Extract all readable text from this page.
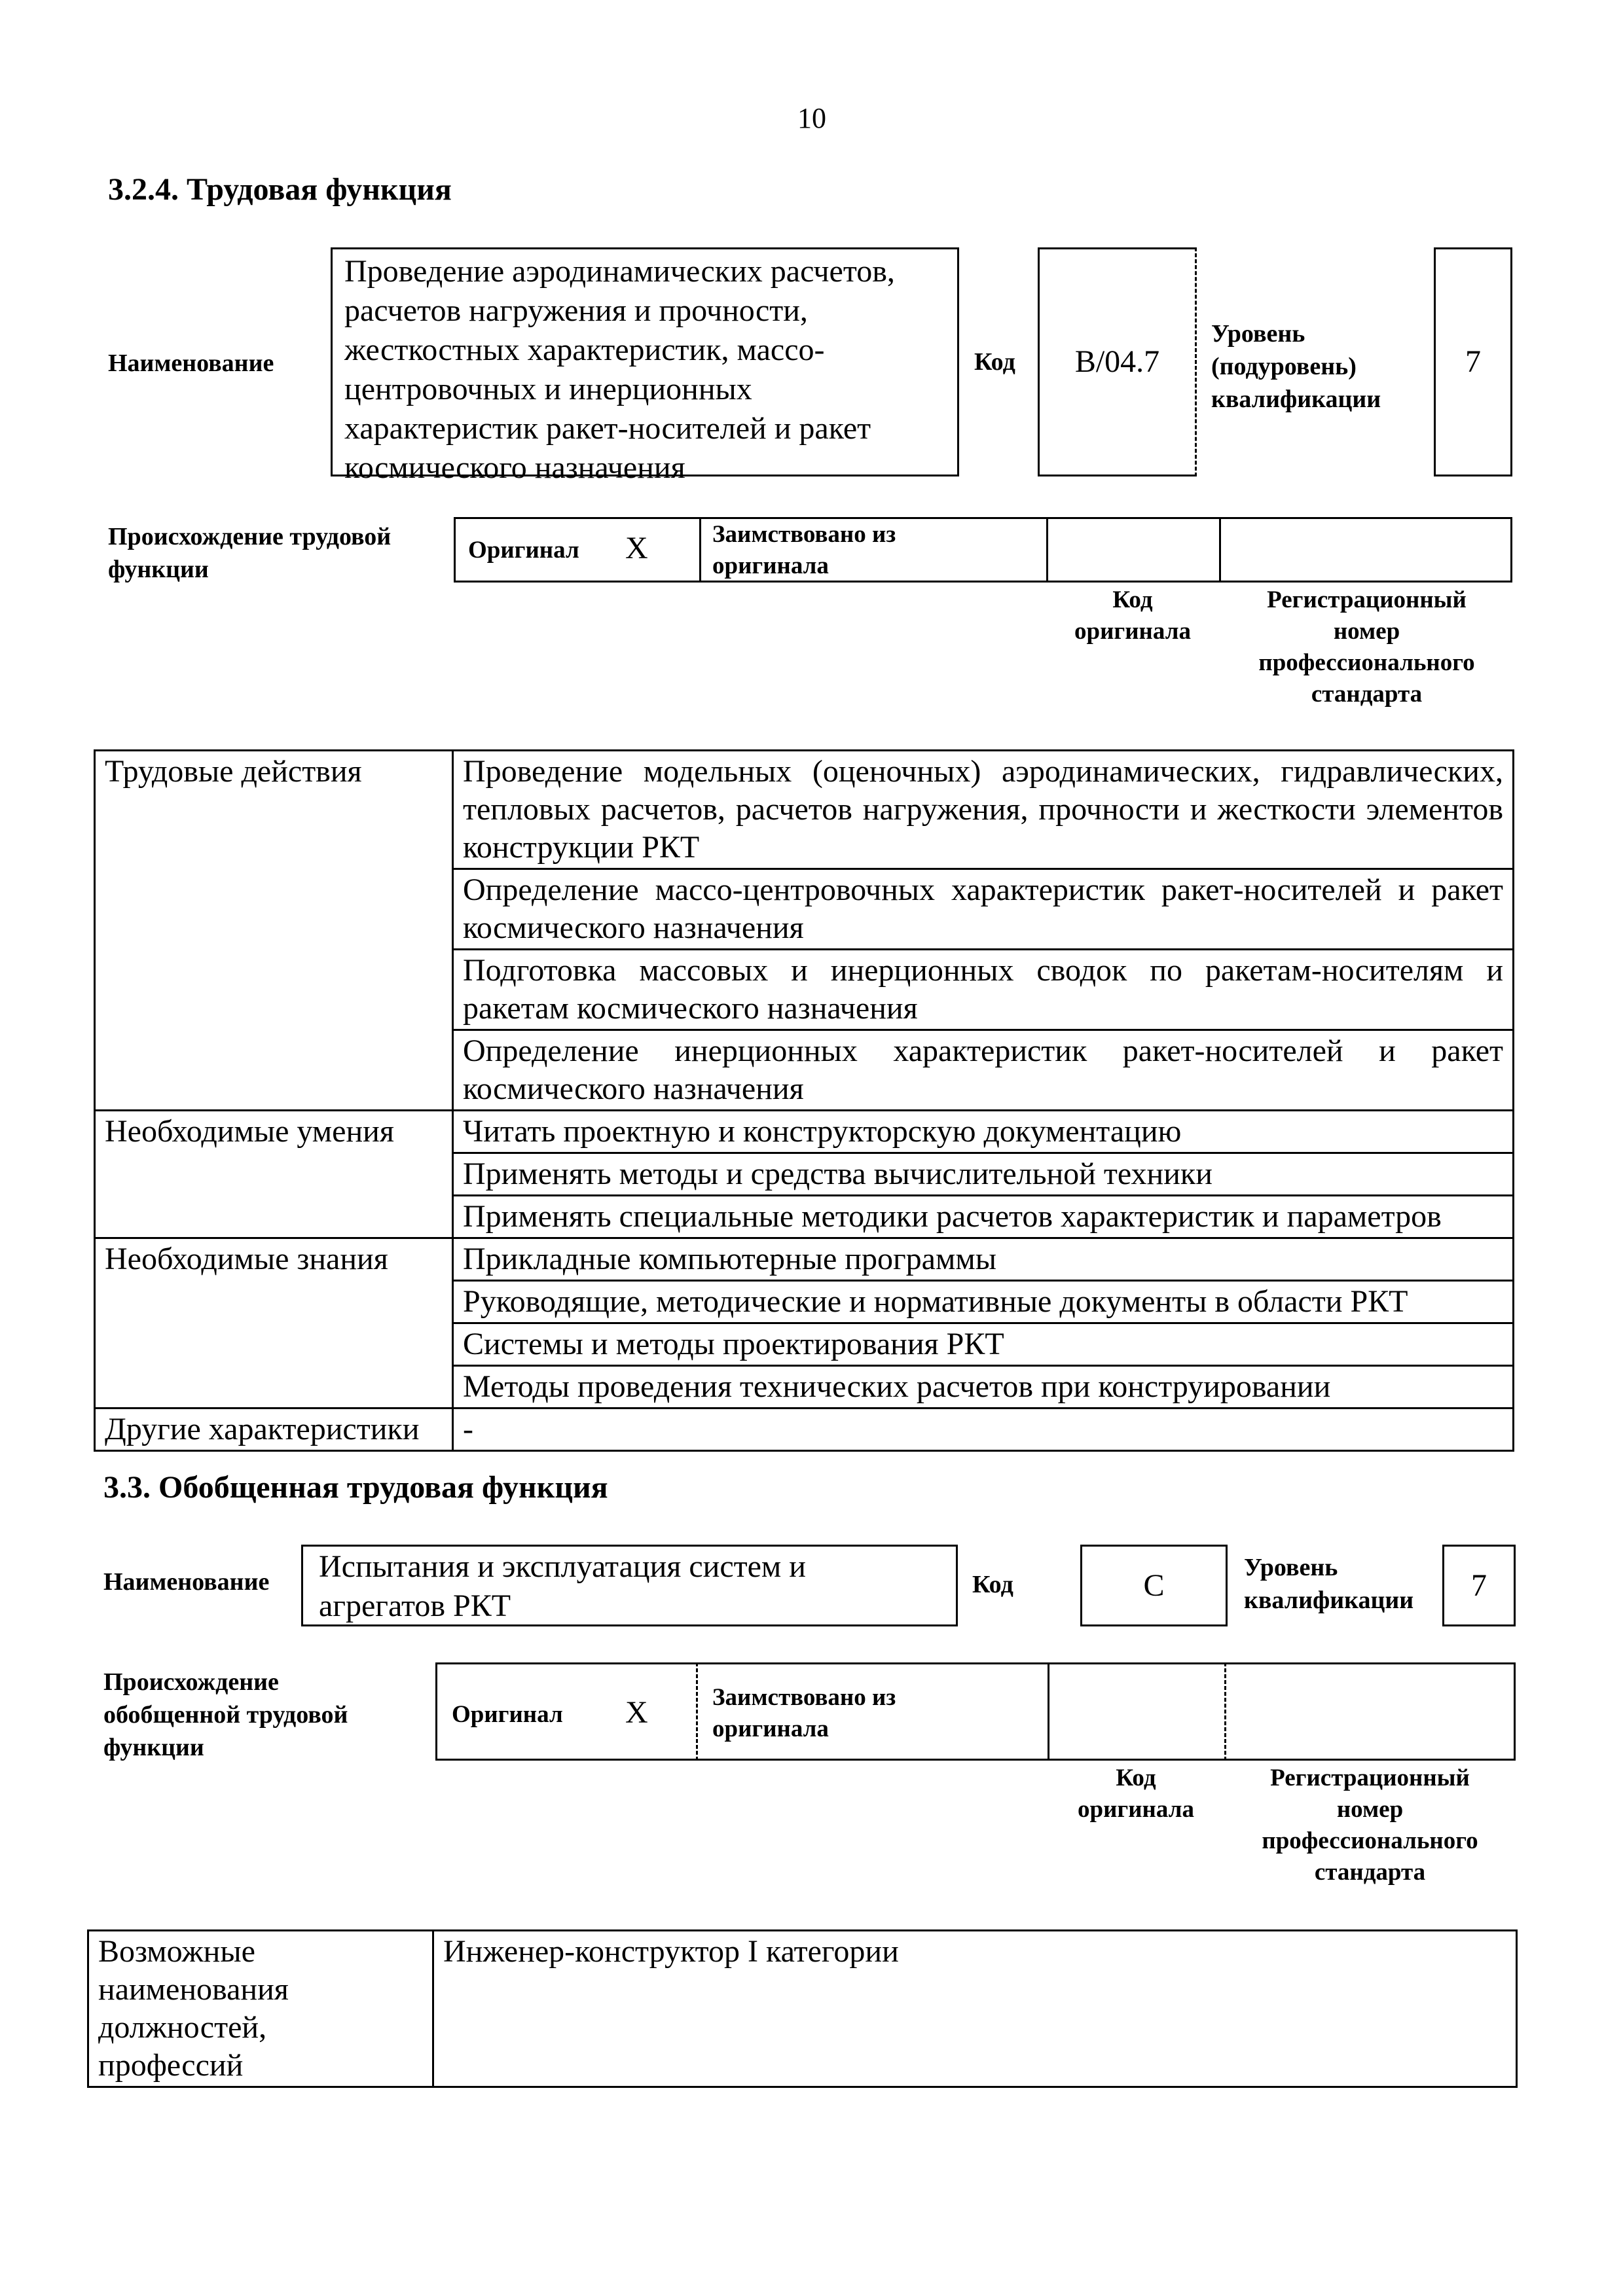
10
3.2.4. Трудовая функция
Наименование
Проведение аэродинамических расчетов,
расчетов нагружения и прочности,
жесткостных характеристик, массо-
центровочных и инерционных
характеристик ракет-носителей и ракет
космического назначения
Код B/04.7
Уровень
(подуровень)
квалификации
7
Происхождение трудовой
функции
Оригинал X	Заимствовано из
оригинала
Код
оригинала
Регистрационный
номер
профессионального
стандарта
Трудовые действия	Проведение модельных (оценочных) аэродинамических, гидравлических, тепловых расчетов, расчетов нагружения, прочности и жесткости элементов конструкции РКТ
	Определение массо-центровочных характеристик ракет-носителей и ракет космического назначения
	Подготовка массовых и инерционных сводок по ракетам-носителям и ракетам космического назначения
	Определение инерционных характеристик ракет-носителей и ракет космического назначения
Необходимые умения	Читать проектную и конструкторскую документацию
	Применять методы и средства вычислительной техники
	Применять специальные методики расчетов характеристик и параметров
Необходимые знания	Прикладные компьютерные программы
	Руководящие, методические и нормативные документы в области РКТ
	Системы и методы проектирования РКТ
	Методы проведения технических расчетов при конструировании
Другие характеристики	-
3.3. Обобщенная трудовая функция
Наименование Испытания и эксплуатация систем и
агрегатов РКТ
Код	C
Уровень
квалификации 7
Происхождение
обобщенной трудовой
функции
Оригинал X	Заимствовано из
оригинала
Код
оригинала
Регистрационный
номер
профессионального
стандарта
Возможные
наименования
должностей,
профессий
	Инженер-конструктор I категории
